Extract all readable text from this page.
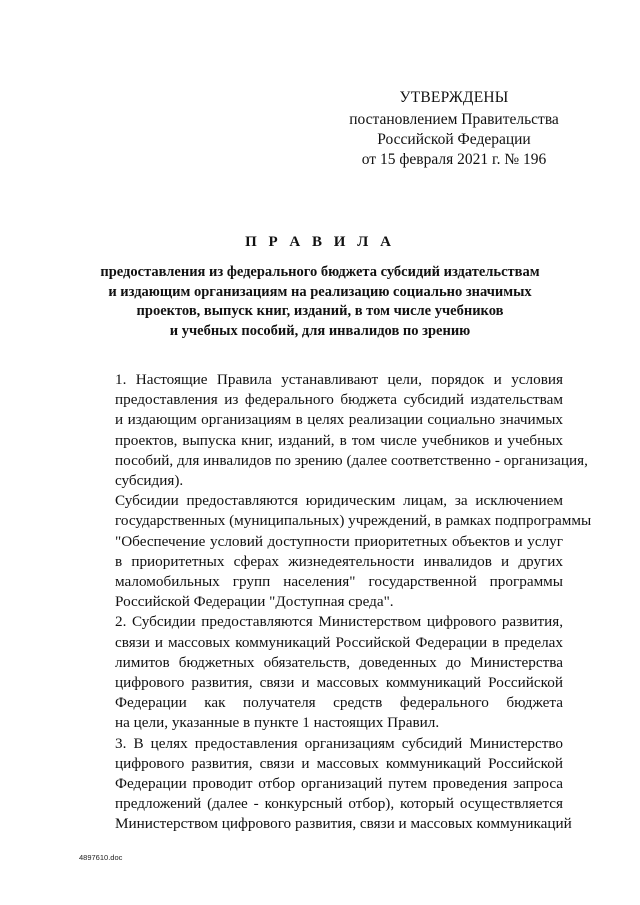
УТВЕРЖДЕНЫ
постановлением Правительства
Российской Федерации
от 15 февраля 2021 г. № 196
П Р А В И Л А
предоставления из федерального бюджета субсидий издательствам
и издающим организациям на реализацию социально значимых
проектов, выпуск книг, изданий, в том числе учебников
и учебных пособий, для инвалидов по зрению
1. Настоящие Правила устанавливают цели, порядок и условия
предоставления из федерального бюджета субсидий издательствам
и издающим организациям в целях реализации социально значимых
проектов, выпуска книг, изданий, в том числе учебников и учебных
пособий, для инвалидов по зрению (далее соответственно - организация,
субсидия).
Субсидии предоставляются юридическим лицам, за исключением
государственных (муниципальных) учреждений, в рамках подпрограммы
"Обеспечение условий доступности приоритетных объектов и услуг
в приоритетных сферах жизнедеятельности инвалидов и других
маломобильных групп населения" государственной программы
Российской Федерации "Доступная среда".
2. Субсидии предоставляются Министерством цифрового развития,
связи и массовых коммуникаций Российской Федерации в пределах
лимитов бюджетных обязательств, доведенных до Министерства
цифрового развития, связи и массовых коммуникаций Российской
Федерации как получателя средств федерального бюджета
на цели, указанные в пункте 1 настоящих Правил.
3. В целях предоставления организациям субсидий Министерство
цифрового развития, связи и массовых коммуникаций Российской
Федерации проводит отбор организаций путем проведения запроса
предложений (далее - конкурсный отбор), который осуществляется
Министерством цифрового развития, связи и массовых коммуникаций
4897610.doc
